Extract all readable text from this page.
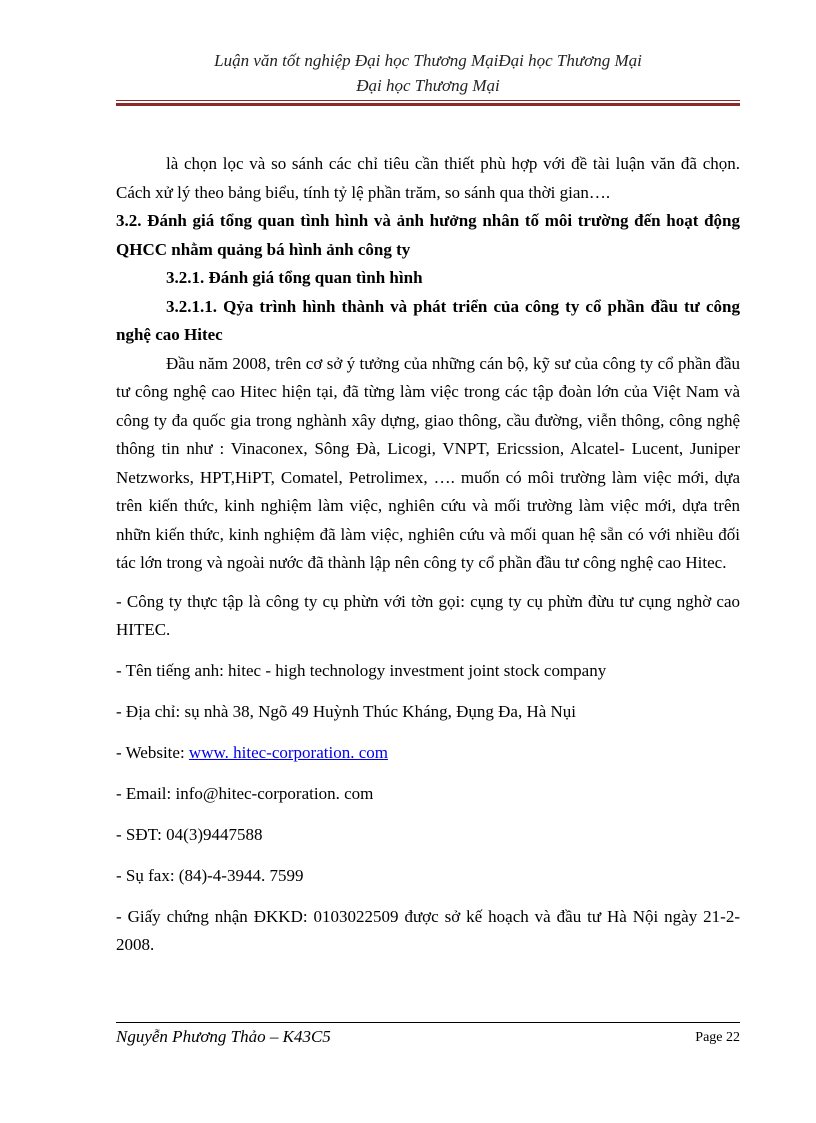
Luận văn tốt nghiệp Đại học Thương MạiĐại học Thương Mại
Đại học Thương Mại

là chọn lọc và so sánh các chỉ tiêu cần thiết phù hợp với đề tài luận văn đã chọn. Cách xử lý theo bảng biểu, tính tỷ lệ phần trăm, so sánh qua thời gian….

3.2. Đánh giá tổng quan tình hình và ảnh hưởng nhân tố môi trường đến hoạt động QHCC nhằm quảng bá hình ảnh công ty

3.2.1. Đánh giá tổng quan tình hình

3.2.1.1. Qỷa trình hình thành và phát triển của công ty cổ phần đầu tư công nghệ cao Hitec

Đầu năm 2008, trên cơ sở ý tưởng của những cán bộ, kỹ sư của công ty cổ phần đầu tư công nghệ cao Hitec hiện tại, đã từng làm việc trong các tập đoàn lớn của Việt Nam và công ty đa quốc gia trong nghành xây dựng, giao thông, cầu đường, viễn thông, công nghệ thông tin như : Vinaconex, Sông Đà, Licogi, VNPT, Ericssion, Alcatel- Lucent, Juniper Netzworks, HPT,HiPT, Comatel, Petrolimex, …. muốn có môi trường làm việc mới, dựa trên kiến thức, kinh nghiệm làm việc, nghiên cứu và mối trường làm việc mới, dựa trên nhữn kiến thức, kinh nghiệm đã làm việc, nghiên cứu và mối quan hệ sẵn có với nhiều đối tác lớn trong và ngoài nước đã thành lập nên công ty cổ phần đầu tư công nghệ cao Hitec.

- Công ty thực tập là công ty cụ phừn với tờn gọi: cụng ty cụ phừn đừu tư cụng nghờ cao HITEC.

- Tên tiếng anh: hitec - high technology investment joint stock company

- Địa chỉ: sụ nhà 38, Ngõ 49 Huỳnh Thúc Kháng, Đụng Đa, Hà Nụi

- Website: www. hitec-corporation. com

- Email: info@hitec-corporation. com

- SĐT: 04(3)9447588

- Sụ fax: (84)-4-3944. 7599

- Giấy chứng nhận ĐKKD: 0103022509 được sở kế hoạch và đầu tư Hà Nội ngày 21-2-2008.

Nguyễn Phương Thảo – K43C5	Page 22
